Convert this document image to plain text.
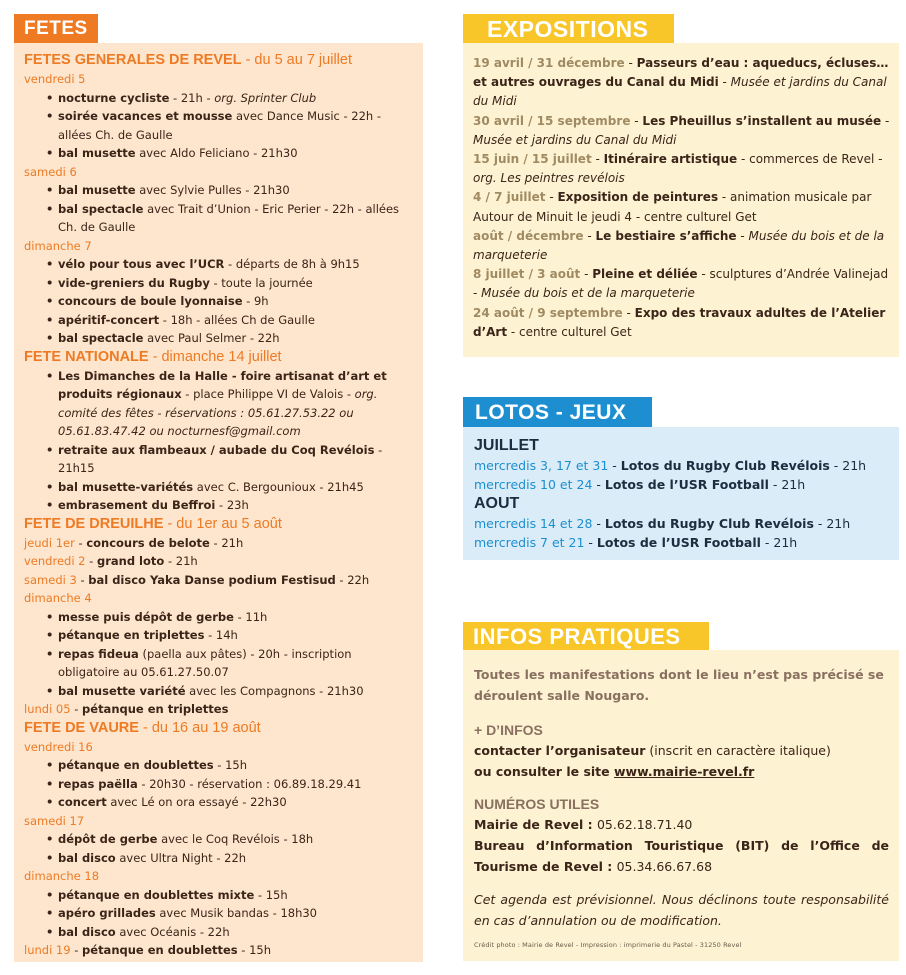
FETES
FETES GENERALES DE REVEL - du 5 au 7 juillet
vendredi 5
• nocturne cycliste - 21h - org. Sprinter Club
• soirée vacances et mousse avec Dance Music - 22h - allées Ch. de Gaulle
• bal musette avec Aldo Feliciano - 21h30
samedi 6
• bal musette avec Sylvie Pulles - 21h30
• bal spectacle avec Trait d’Union - Eric Perier - 22h - allées Ch. de Gaulle
dimanche 7
• vélo pour tous avec l’UCR - départs de 8h à 9h15
• vide-greniers du Rugby - toute la journée
• concours de boule lyonnaise - 9h
• apéritif-concert - 18h - allées Ch de Gaulle
• bal spectacle avec Paul Selmer - 22h
FETE NATIONALE - dimanche 14 juillet
• Les Dimanches de la Halle - foire artisanat d’art et produits régionaux - place Philippe VI de Valois - org. comité des fêtes - réservations : 05.61.27.53.22 ou 05.61.83.47.42 ou nocturnesf@gmail.com
• retraite aux flambeaux / aubade du Coq Revélois - 21h15
• bal musette-variétés avec C. Bergounioux - 21h45
• embrasement du Beffroi - 23h
FETE DE DREUILHE - du 1er au 5 août
jeudi 1er - concours de belote - 21h
vendredi 2 - grand loto - 21h
samedi 3 - bal disco Yaka Danse podium Festisud - 22h
dimanche 4
• messe puis dépôt de gerbe - 11h
• pétanque en triplettes - 14h
• repas fideua (paella aux pâtes) - 20h - inscription obligatoire au 05.61.27.50.07
• bal musette variété avec les Compagnons - 21h30
lundi 05 - pétanque en triplettes
FETE DE VAURE - du 16 au 19 août
vendredi 16
• pétanque en doublettes - 15h
• repas paëlla - 20h30 - réservation : 06.89.18.29.41
• concert avec Lé on ora essayé - 22h30
samedi 17
• dépôt de gerbe avec le Coq Revélois - 18h
• bal disco avec Ultra Night - 22h
dimanche 18
• pétanque en doublettes mixte - 15h
• apéro grillades avec Musik bandas - 18h30
• bal disco avec Océanis - 22h
lundi 19 - pétanque en doublettes - 15h
EXPOSITIONS
19 avril / 31 décembre - Passeurs d’eau : aqueducs, écluses… et autres ouvrages du Canal du Midi - Musée et jardins du Canal du Midi
30 avril / 15 septembre - Les Pheuillus s’installent au musée - Musée et jardins du Canal du Midi
15 juin / 15 juillet - Itinéraire artistique - commerces de Revel - org. Les peintres revélois
4 / 7 juillet - Exposition de peintures - animation musicale par Autour de Minuit le jeudi 4 - centre culturel Get
août / décembre - Le bestiaire s’affiche - Musée du bois et de la marqueterie
8 juillet / 3 août - Pleine et déliée - sculptures d’Andrée Valinejad - Musée du bois et de la marqueterie
24 août / 9 septembre - Expo des travaux adultes de l’Atelier d’Art - centre culturel Get
LOTOS - JEUX
JUILLET
mercredis 3, 17 et 31 - Lotos du Rugby Club Revélois - 21h
mercredis 10 et 24 - Lotos de l’USR Football - 21h
AOUT
mercredis 14 et 28 - Lotos du Rugby Club Revélois - 21h
mercredis 7 et 21 - Lotos de l’USR Football - 21h
INFOS PRATIQUES
Toutes les manifestations dont le lieu n’est pas précisé se déroulent salle Nougaro.
+ D’INFOS
contacter l’organisateur (inscrit en caractère italique)
ou consulter le site www.mairie-revel.fr
NUMÉROS UTILES
Mairie de Revel : 05.62.18.71.40
Bureau d’Information Touristique (BIT) de l’Office de Tourisme de Revel : 05.34.66.67.68
Cet agenda est prévisionnel. Nous déclinons toute responsabilité en cas d’annulation ou de modification.
Crédit photo : Mairie de Revel - Impression : imprimerie du Pastel - 31250 Revel
